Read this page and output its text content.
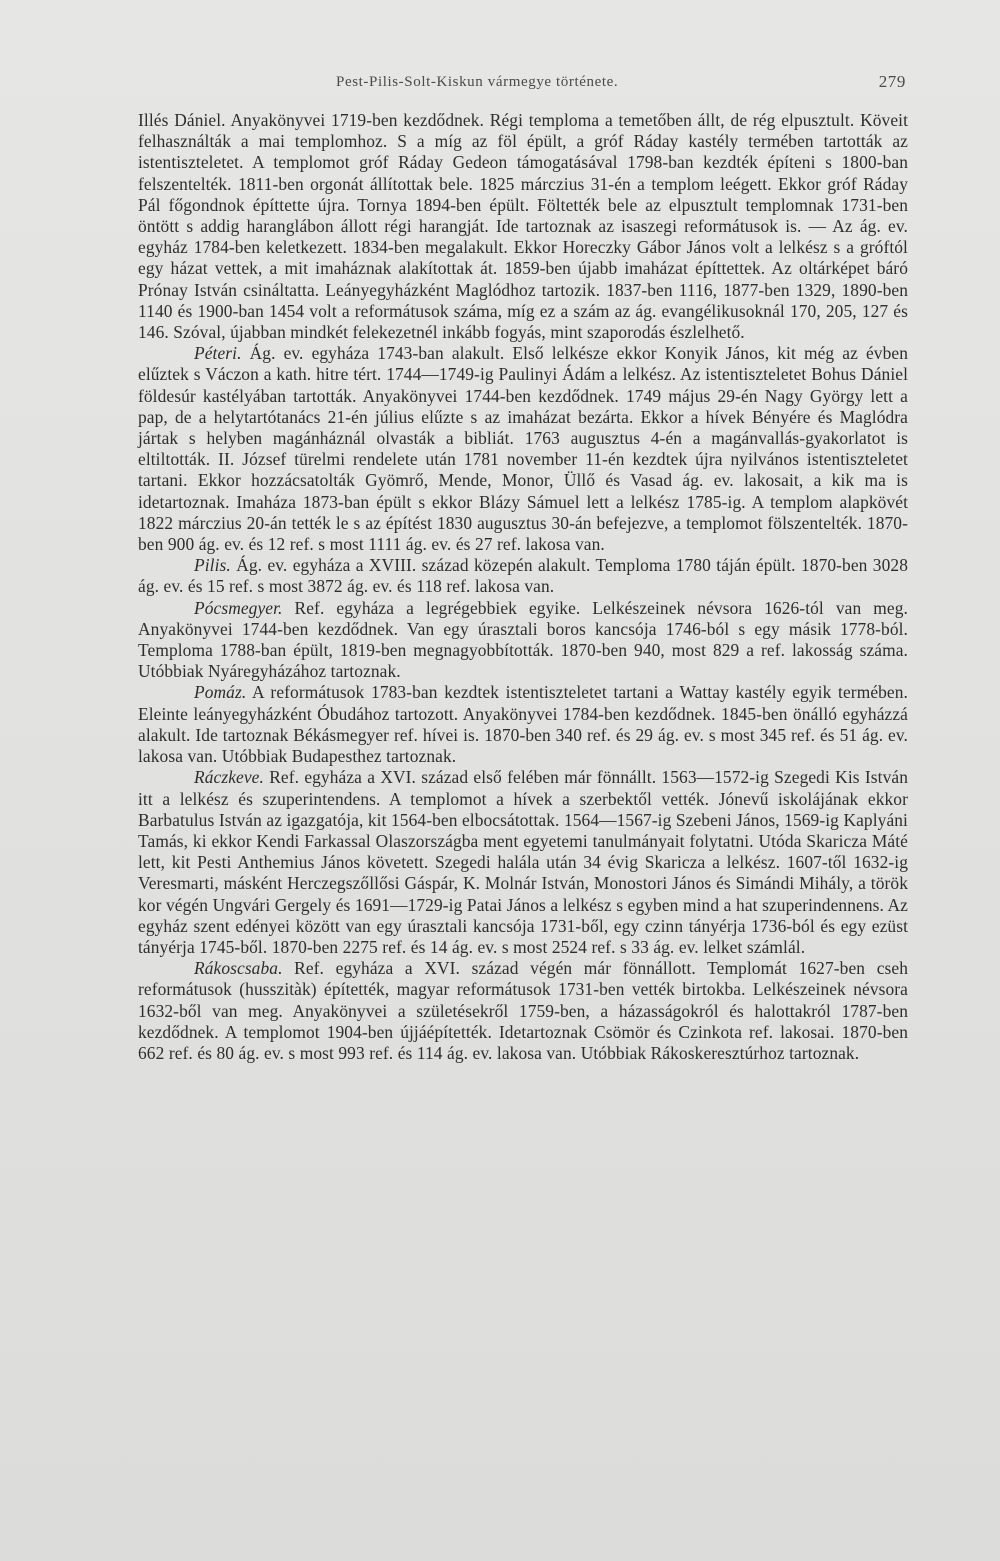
Pest-Pilis-Solt-Kiskun vármegye története.	279

Illés Dániel. Anyakönyvei 1719-ben kezdődnek. Régi temploma a temetőben állt, de rég elpusztult. Köveit felhasználták a mai templomhoz. S a míg az föl épült, a gróf Ráday kastély termében tartották az istentiszteletet. A templomot gróf Ráday Gedeon támogatásával 1798-ban kezdték építeni s 1800-ban felszentelték. 1811-ben orgonát állítottak bele. 1825 márczius 31-én a templom leégett. Ekkor gróf Ráday Pál főgondnok építtette újra. Tornya 1894-ben épült. Föltették bele az elpusztult templomnak 1731-ben öntött s addig haranglábon állott régi harangját. Ide tartoznak az isaszegi reformátusok is. — Az ág. ev. egyház 1784-ben keletkezett. 1834-ben megalakult. Ekkor Horeczky Gábor János volt a lelkész s a gróftól egy házat vettek, a mit imaháznak alakítottak át. 1859-ben újabb imaházat építtettek. Az oltárképet báró Prónay István csináltatta. Leányegyházként Maglódhoz tartozik. 1837-ben 1116, 1877-ben 1329, 1890-ben 1140 és 1900-ban 1454 volt a reformátusok száma, míg ez a szám az ág. evangélikusoknál 170, 205, 127 és 146. Szóval, újabban mindkét felekezetnél inkább fogyás, mint szaporodás észlelhető.

Péteri. Ág. ev. egyháza 1743-ban alakult. Első lelkésze ekkor Konyik János, kit még az évben elűztek s Váczon a kath. hitre tért. 1744—1749-ig Paulinyi Ádám a lelkész. Az istentiszteletet Bohus Dániel földesúr kastélyában tartották. Anyakönyvei 1744-ben kezdődnek. 1749 május 29-én Nagy György lett a pap, de a helytartótanács 21-én július elűzte s az imaházat bezárta. Ekkor a hívek Bényére és Maglódra jártak s helyben magánháznál olvasták a bibliát. 1763 augusztus 4-én a magánvallás-gyakorlatot is eltiltották. II. József türelmi rendelete után 1781 november 11-én kezdtek újra nyilvános istentiszteletet tartani. Ekkor hozzácsatolták Gyömrő, Mende, Monor, Üllő és Vasad ág. ev. lakosait, a kik ma is idetartoznak. Imaháza 1873-ban épült s ekkor Blázy Sámuel lett a lelkész 1785-ig. A templom alapkövét 1822 márczius 20-án tették le s az építést 1830 augusztus 30-án befejezve, a templomot fölszentelték. 1870-ben 900 ág. ev. és 12 ref. s most 1111 ág. ev. és 27 ref. lakosa van.

Pilis. Ág. ev. egyháza a XVIII. század közepén alakult. Temploma 1780 táján épült. 1870-ben 3028 ág. ev. és 15 ref. s most 3872 ág. ev. és 118 ref. lakosa van.

Pócsmegyer. Ref. egyháza a legrégebbiek egyike. Lelkészeinek névsora 1626-tól van meg. Anyakönyvei 1744-ben kezdődnek. Van egy úrasztali boros kancsója 1746-ból s egy másik 1778-ból. Temploma 1788-ban épült, 1819-ben megnagyobbították. 1870-ben 940, most 829 a ref. lakosság száma. Utóbbiak Nyáregyházához tartoznak.

Pomáz. A reformátusok 1783-ban kezdtek istentiszteletet tartani a Wattay kastély egyik termében. Eleinte leányegyházként Óbudához tartozott. Anyakönyvei 1784-ben kezdődnek. 1845-ben önálló egyházzá alakult. Ide tartoznak Békásmegyer ref. hívei is. 1870-ben 340 ref. és 29 ág. ev. s most 345 ref. és 51 ág. ev. lakosa van. Utóbbiak Budapesthez tartoznak.

Ráczkeve. Ref. egyháza a XVI. század első felében már fönnállt. 1563—1572-ig Szegedi Kis István itt a lelkész és szuperintendens. A templomot a hívek a szerbektől vették. Jónevű iskolájának ekkor Barbatulus István az igazgatója, kit 1564-ben elbocsátottak. 1564—1567-ig Szebeni János, 1569-ig Kaplyáni Tamás, ki ekkor Kendi Farkassal Olaszországba ment egyetemi tanulmányait folytatni. Utóda Skaricza Máté lett, kit Pesti Anthemius János követett. Szegedi halála után 34 évig Skaricza a lelkész. 1607-től 1632-ig Veresmarti, másként Herczegszőllősi Gáspár, K. Molnár István, Monostori János és Simándi Mihály, a török kor végén Ungvári Gergely és 1691—1729-ig Patai János a lelkész s egyben mind a hat szuperindennens. Az egyház szent edényei között van egy úrasztali kancsója 1731-ből, egy czinn tányérja 1736-ból és egy ezüst tányérja 1745-ből. 1870-ben 2275 ref. és 14 ág. ev. s most 2524 ref. s 33 ág. ev. lelket számlál.

Rákoscsaba. Ref. egyháza a XVI. század végén már fönnállott. Templomát 1627-ben cseh reformátusok (husszitàk) építették, magyar reformátusok 1731-ben vették birtokba. Lelkészeinek névsora 1632-ből van meg. Anyakönyvei a születésekről 1759-ben, a házasságokról és halottakról 1787-ben kezdődnek. A templomot 1904-ben újjáépítették. Idetartoznak Csömör és Czinkota ref. lakosai. 1870-ben 662 ref. és 80 ág. ev. s most 993 ref. és 114 ág. ev. lakosa van. Utóbbiak Rákoskeresztúrhoz tartoznak.
